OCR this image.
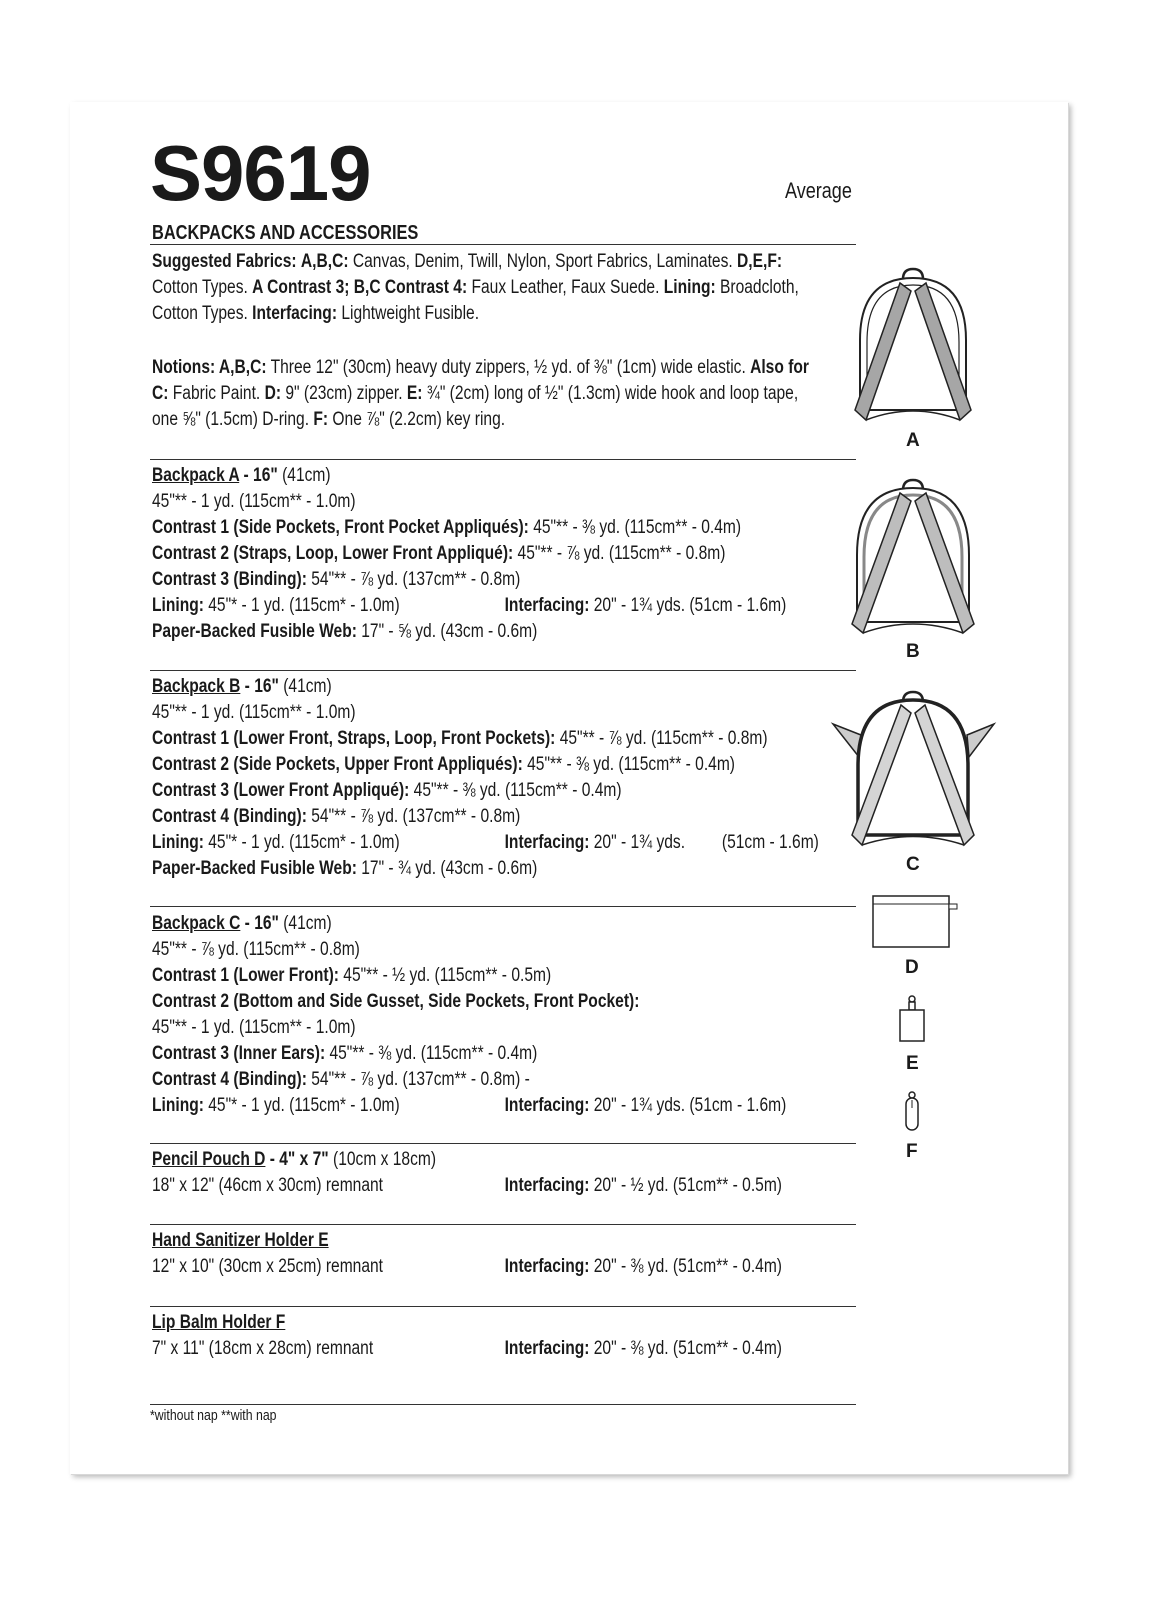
S9619	Average
BACKPACKS AND ACCESSORIES
Suggested Fabrics: A,B,C: Canvas, Denim, Twill, Nylon, Sport Fabrics, Laminates. D,E,F:
Cotton Types. A Contrast 3; B,C Contrast 4: Faux Leather, Faux Suede. Lining: Broadcloth,
Cotton Types. Interfacing: Lightweight Fusible.
Notions: A,B,C: Three 12" (30cm) heavy duty zippers, ½ yd. of ⅜" (1cm) wide elastic. Also for
C: Fabric Paint. D: 9" (23cm) zipper. E: ¾" (2cm) long of ½" (1.3cm) wide hook and loop tape,
one ⅝" (1.5cm) D-ring. F: One ⅞" (2.2cm) key ring.
Backpack A - 16" (41cm)
45"** - 1 yd. (115cm** - 1.0m)
Contrast 1 (Side Pockets, Front Pocket Appliqués): 45"** - ⅜ yd. (115cm** - 0.4m)
Contrast 2 (Straps, Loop, Lower Front Appliqué): 45"** - ⅞ yd. (115cm** - 0.8m)
Contrast 3 (Binding): 54"** - ⅞ yd. (137cm** - 0.8m)
Lining: 45"* - 1 yd. (115cm* - 1.0m)	Interfacing: 20" - 1¾ yds. (51cm - 1.6m)
Paper-Backed Fusible Web: 17" - ⅝ yd. (43cm - 0.6m)
Backpack B - 16" (41cm)
45"** - 1 yd. (115cm** - 1.0m)
Contrast 1 (Lower Front, Straps, Loop, Front Pockets): 45"** - ⅞ yd. (115cm** - 0.8m)
Contrast 2 (Side Pockets, Upper Front Appliqués): 45"** - ⅜ yd. (115cm** - 0.4m)
Contrast 3 (Lower Front Appliqué): 45"** - ⅜ yd. (115cm** - 0.4m)
Contrast 4 (Binding): 54"** - ⅞ yd. (137cm** - 0.8m)
Lining: 45"* - 1 yd. (115cm* - 1.0m)	Interfacing: 20" - 1¾ yds. (51cm - 1.6m)
Paper-Backed Fusible Web: 17" - ¾ yd. (43cm - 0.6m)
Backpack C - 16" (41cm)
45"** - ⅞ yd. (115cm** - 0.8m)
Contrast 1 (Lower Front): 45"** - ½ yd. (115cm** - 0.5m)
Contrast 2 (Bottom and Side Gusset, Side Pockets, Front Pocket):
45"** - 1 yd. (115cm** - 1.0m)
Contrast 3 (Inner Ears): 45"** - ⅜ yd. (115cm** - 0.4m)
Contrast 4 (Binding): 54"** - ⅞ yd. (137cm** - 0.8m) -
Lining: 45"* - 1 yd. (115cm* - 1.0m)	Interfacing: 20" - 1¾ yds. (51cm - 1.6m)
Pencil Pouch D - 4" x 7" (10cm x 18cm)
18" x 12" (46cm x 30cm) remnant	Interfacing: 20" - ½ yd. (51cm** - 0.5m)
Hand Sanitizer Holder E
12" x 10" (30cm x 25cm) remnant	Interfacing: 20" - ⅜ yd. (51cm** - 0.4m)
Lip Balm Holder F
7" x 11" (18cm x 28cm) remnant	Interfacing: 20" - ⅜ yd. (51cm** - 0.4m)
*without nap **with nap
A
B
C
D
E
F
